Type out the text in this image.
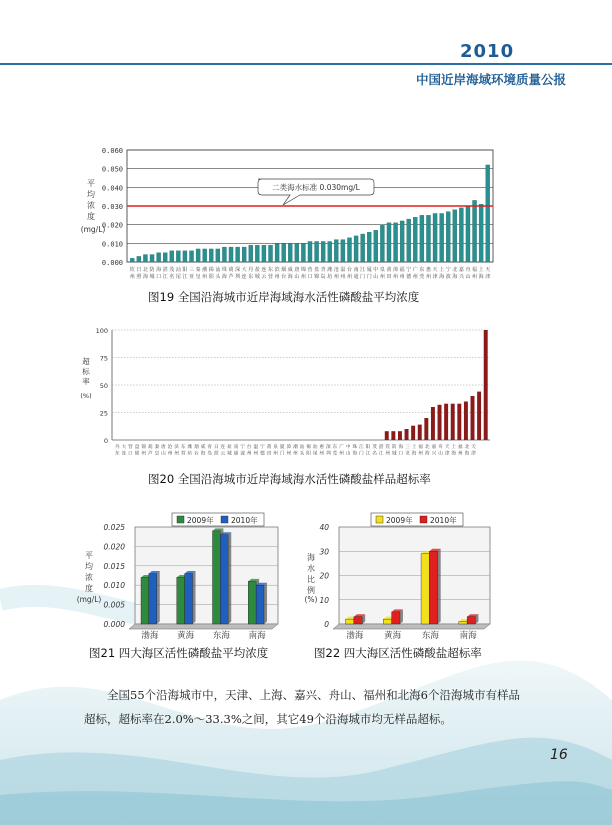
2010
中国近岸海域环境质量公报
0.000
0.010
0.020
0.030
0.040
0.050
0.060
平均浓度
(mg/L)
钦
州
日
照
北
海
防
城
海
口
湛
江
茂
名
汕
尾
阳
江
三
亚
秦
皇
潮
州
揭
阳
汕
头
珠
海
葫
芦
深
圳
大
连
丹
东
盐
城
连
云
东
营
滨
州
烟
台
威
海
唐
山
锦
州
营
口
盘
锦
青
岛
潍
坊
沧
州
温
州
台
州
南
通
江
门
厦
门
中
山
泉
州
莆
田
漳
州
福
州
宁
德
广
州
东
莞
惠
州
天
津
上
海
宁
波
北
海
嘉
兴
舟
山
福
州
上
海
天
津
二类海水标准 0.030mg/L
图19 全国沿海城市近岸海域海水活性磷酸盐平均浓度
0
25
50
75
100
超标率
(%)
丹
东
大
连
营
口
盘
锦
锦
州
葫
芦
秦
皇
唐
山
沧
州
滨
州
东
营
潍
坊
烟
台
威
海
青
岛
日
照
连
云
盐
城
南
通
宁
波
台
州
温
州
宁
德
莆
田
泉
州
厦
门
漳
州
潮
州
汕
头
揭
阳
汕
尾
惠
州
深
圳
东
莞
广
州
中
山
珠
海
江
门
阳
江
茂
名
湛
江
钦
州
防
城
海
口
三
亚
上
海
福
州
北
海
嘉
兴
舟
山
天
津
上
海
福
州
北
海
天
津
图20 全国沿海城市近岸海域海水活性磷酸盐样品超标率
0.000
0.005
0.010
0.015
0.020
0.025
渤海 黄海 东海 南海
2009年 2010年
平均浓度
(mg/L)
图21 四大海区活性磷酸盐平均浓度
0
10
20
30
40
渤海 黄海 东海 南海
2009年 2010年
海水比例
(%)
图22 四大海区活性磷酸盐超标率

全国55个沿海城市中，天津、上海、嘉兴、舟山、福州和北海6个沿海城市有样品超标，超标率在2.0%～33.3%之间，其它49个沿海城市均无样品超标。

16
